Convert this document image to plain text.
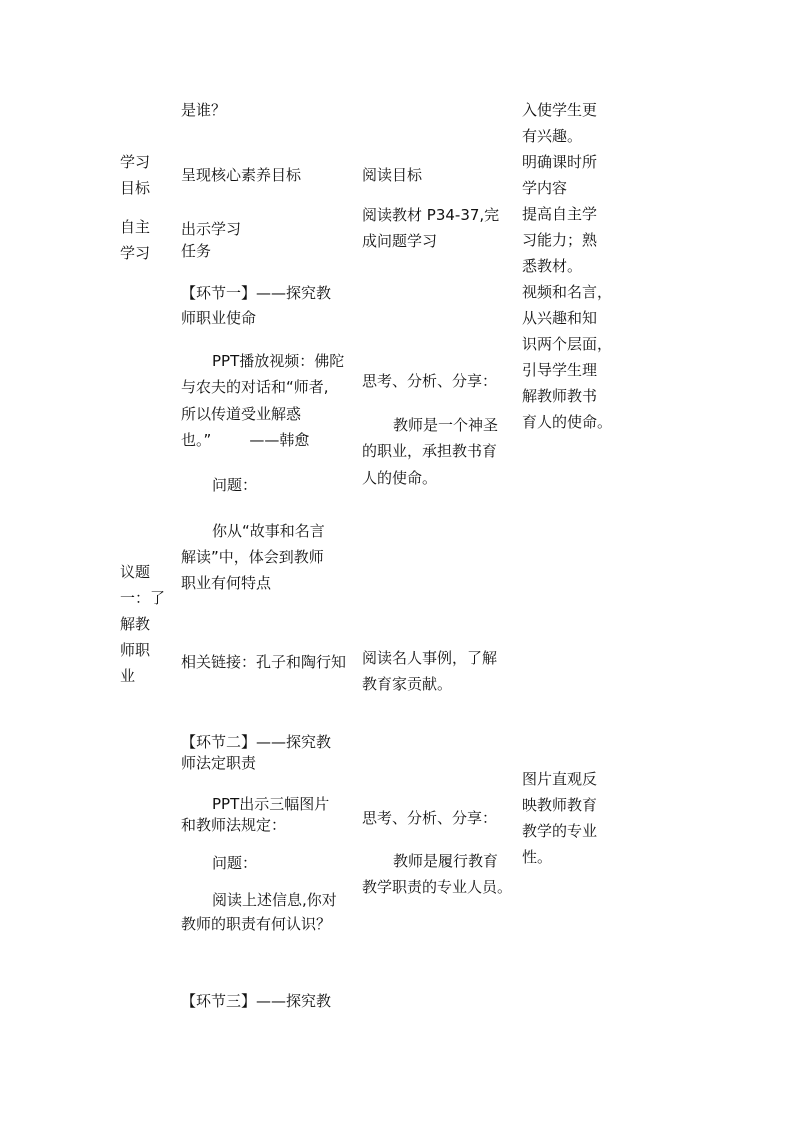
学习
目标
自主
学习
议题
一：了
解教
师职
业
是谁？
呈现核心素养目标
出示学习
任务
【环节一】——探究教
师职业使命
PPT播放视频：佛陀
与农夫的对话和“师者,
所以传道受业解惑
也。”        ——韩愈
问题：
你从“故事和名言
解读”中，体会到教师
职业有何特点
相关链接：孔子和陶行知
【环节二】——探究教
师法定职责
PPT出示三幅图片
和教师法规定：
问题：
阅读上述信息,你对
教师的职责有何认识？
【环节三】——探究教
阅读目标
阅读教材 P34-37,完
成问题学习
思考、分析、分享：
教师是一个神圣
的职业，承担教书育
人的使命。
阅读名人事例，了解
教育家贡献。
思考、分析、分享：
教师是履行教育
教学职责的专业人员。
入使学生更
有兴趣。
明确课时所
学内容
提高自主学
习能力；熟
悉教材。
视频和名言，
从兴趣和知
识两个层面，
引导学生理
解教师教书
育人的使命。
图片直观反
映教师教育
教学的专业
性。
